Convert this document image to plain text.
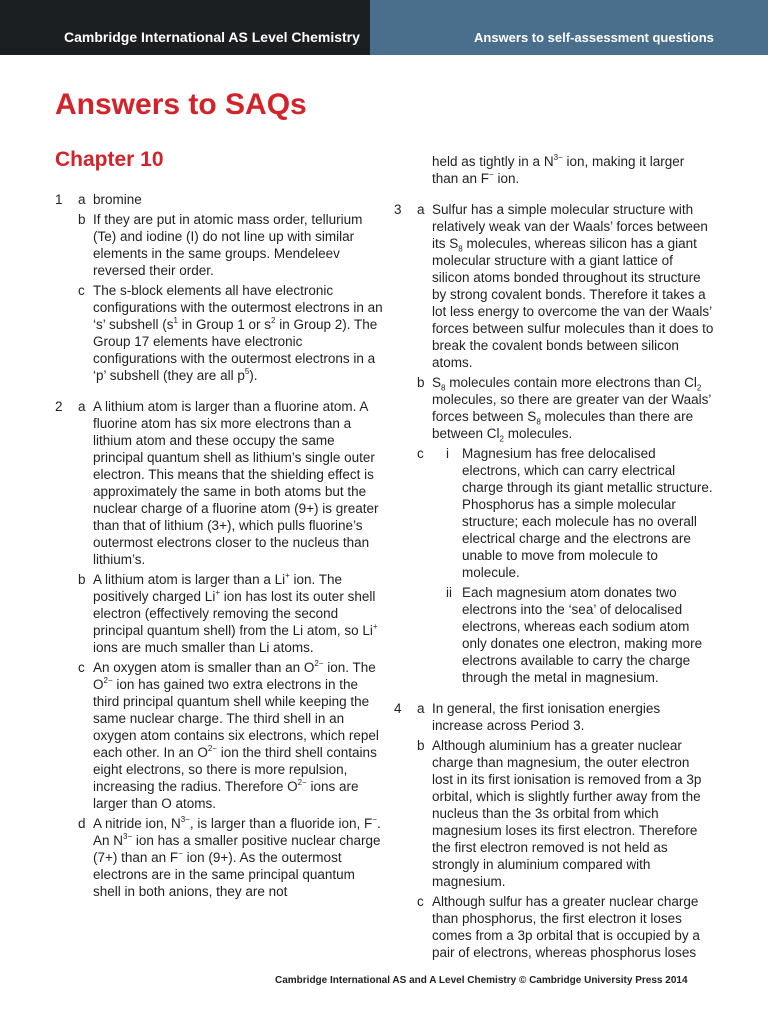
Cambridge International AS Level Chemistry	Answers to self-assessment questions
Answers to SAQs
Chapter 10
1	a bromine
b If they are put in atomic mass order, tellurium (Te) and iodine (I) do not line up with similar elements in the same groups. Mendeleev reversed their order.
c The s-block elements all have electronic configurations with the outermost electrons in an ‘s’ subshell ($s^1$ in Group 1 or $s^2$ in Group 2). The Group 17 elements have electronic configurations with the outermost electrons in a ‘p’ subshell (they are all $p^5$).
2	a A lithium atom is larger than a fluorine atom. A fluorine atom has six more electrons than a lithium atom and these occupy the same principal quantum shell as lithium’s single outer electron. This means that the shielding effect is approximately the same in both atoms but the nuclear charge of a fluorine atom (9+) is greater than that of lithium (3+), which pulls fluorine’s outermost electrons closer to the nucleus than lithium’s.
b A lithium atom is larger than a Li+ ion. The positively charged Li+ ion has lost its outer shell electron (effectively removing the second principal quantum shell) from the Li atom, so Li+ ions are much smaller than Li atoms.
c An oxygen atom is smaller than an $O^{2-}$ ion. The $O^{2-}$ ion has gained two extra electrons in the third principal quantum shell while keeping the same nuclear charge. The third shell in an oxygen atom contains six electrons, which repel each other. In an $O^{2-}$ ion the third shell contains eight electrons, so there is more repulsion, increasing the radius. Therefore $O^{2-}$ ions are larger than O atoms.
d A nitride ion, $N^{3-}$, is larger than a fluoride ion, F−. An $N^{3-}$ ion has a smaller positive nuclear charge (7+) than an F− ion (9+). As the outermost electrons are in the same principal quantum shell in both anions, they are not
held as tightly in a $N^{3-}$ ion, making it larger than an F− ion.
3	a Sulfur has a simple molecular structure with relatively weak van der Waals’ forces between its $S_8$ molecules, whereas silicon has a giant molecular structure with a giant lattice of silicon atoms bonded throughout its structure by strong covalent bonds. Therefore it takes a lot less energy to overcome the van der Waals’ forces between sulfur molecules than it does to break the covalent bonds between silicon atoms.
b $S_8$ molecules contain more electrons than $Cl_2$ molecules, so there are greater van der Waals’ forces between $S_8$ molecules than there are between $Cl_2$ molecules.
c i Magnesium has free delocalised electrons, which can carry electrical charge through its giant metallic structure. Phosphorus has a simple molecular structure; each molecule has no overall electrical charge and the electrons are unable to move from molecule to molecule.
ii Each magnesium atom donates two electrons into the ‘sea’ of delocalised electrons, whereas each sodium atom only donates one electron, making more electrons available to carry the charge through the metal in magnesium.
4	a In general, the first ionisation energies increase across Period 3.
b Although aluminium has a greater nuclear charge than magnesium, the outer electron lost in its first ionisation is removed from a 3p orbital, which is slightly further away from the nucleus than the 3s orbital from which magnesium loses its first electron. Therefore the first electron removed is not held as strongly in aluminium compared with magnesium.
c Although sulfur has a greater nuclear charge than phosphorus, the first electron it loses comes from a 3p orbital that is occupied by a pair of electrons, whereas phosphorus loses
Cambridge International AS and A Level Chemistry © Cambridge University Press 2014
